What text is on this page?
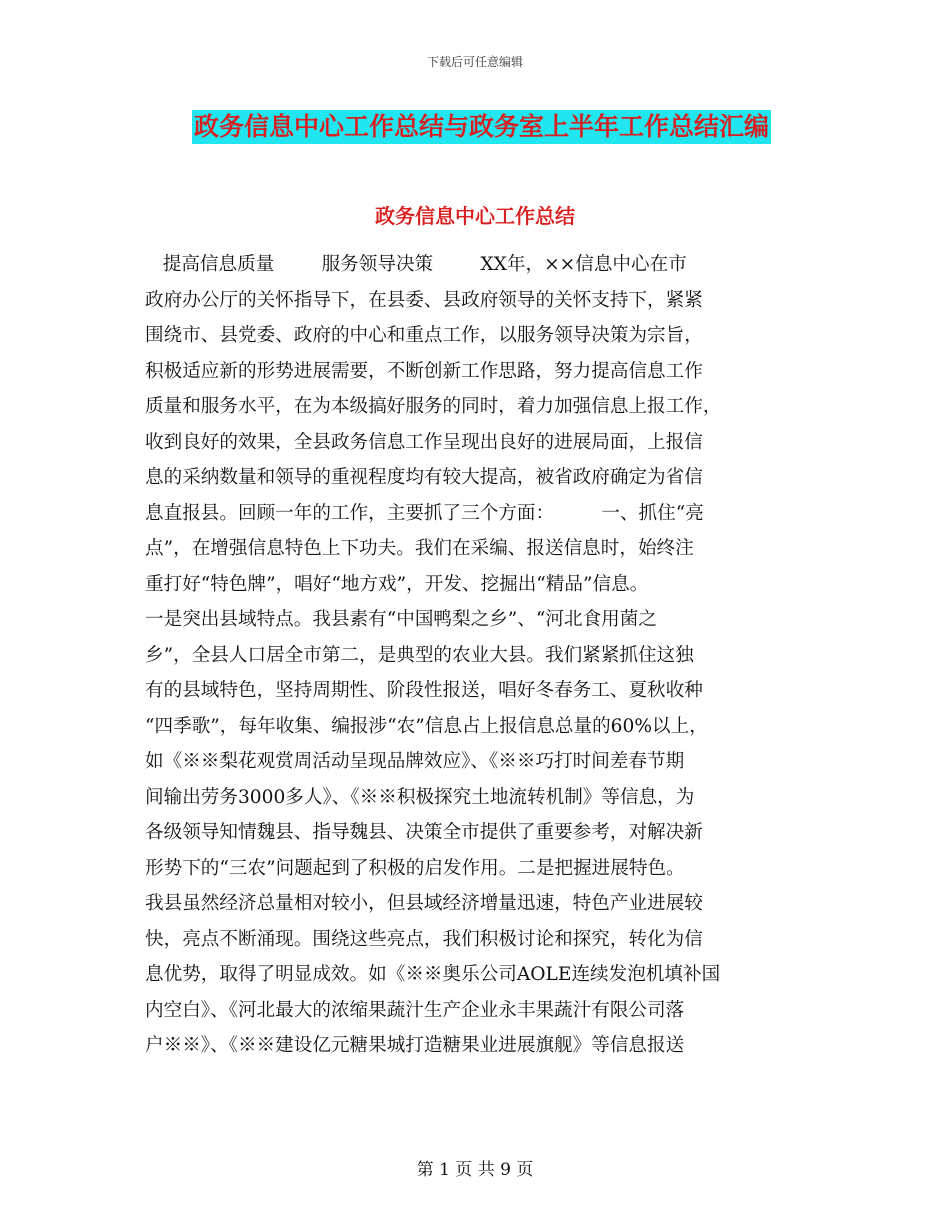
下载后可任意编辑
政务信息中心工作总结与政务室上半年工作总结汇编
政务信息中心工作总结
提高信息质量        服务领导决策        XX年，××信息中心在市
政府办公厅的关怀指导下，在县委、县政府领导的关怀支持下，紧紧
围绕市、县党委、政府的中心和重点工作，以服务领导决策为宗旨，
积极适应新的形势进展需要，不断创新工作思路，努力提高信息工作
质量和服务水平，在为本级搞好服务的同时，着力加强信息上报工作，
收到良好的效果，全县政务信息工作呈现出良好的进展局面，上报信
息的采纳数量和领导的重视程度均有较大提高，被省政府确定为省信
息直报县。回顾一年的工作，主要抓了三个方面：        一、抓住“亮
点”，在增强信息特色上下功夫。我们在采编、报送信息时，始终注
重打好“特色牌”，唱好“地方戏”，开发、挖掘出“精品”信息。
一是突出县域特点。我县素有“中国鸭梨之乡”、“河北食用菌之
乡”，全县人口居全市第二，是典型的农业大县。我们紧紧抓住这独
有的县域特色，坚持周期性、阶段性报送，唱好冬春务工、夏秋收种
“四季歌”，每年收集、编报涉“农”信息占上报信息总量的60%以上，
如《※※梨花观赏周活动呈现品牌效应》、《※※巧打时间差春节期
间输出劳务3000多人》、《※※积极探究土地流转机制》等信息，为
各级领导知情魏县、指导魏县、决策全市提供了重要参考，对解决新
形势下的“三农”问题起到了积极的启发作用。二是把握进展特色。
我县虽然经济总量相对较小，但县域经济增量迅速，特色产业进展较
快，亮点不断涌现。围绕这些亮点，我们积极讨论和探究，转化为信
息优势，取得了明显成效。如《※※奥乐公司AOLE连续发泡机填补国
内空白》、《河北最大的浓缩果蔬汁生产企业永丰果蔬汁有限公司落
户※※》、《※※建设亿元糖果城打造糖果业进展旗舰》等信息报送
第 1 页 共 9 页
